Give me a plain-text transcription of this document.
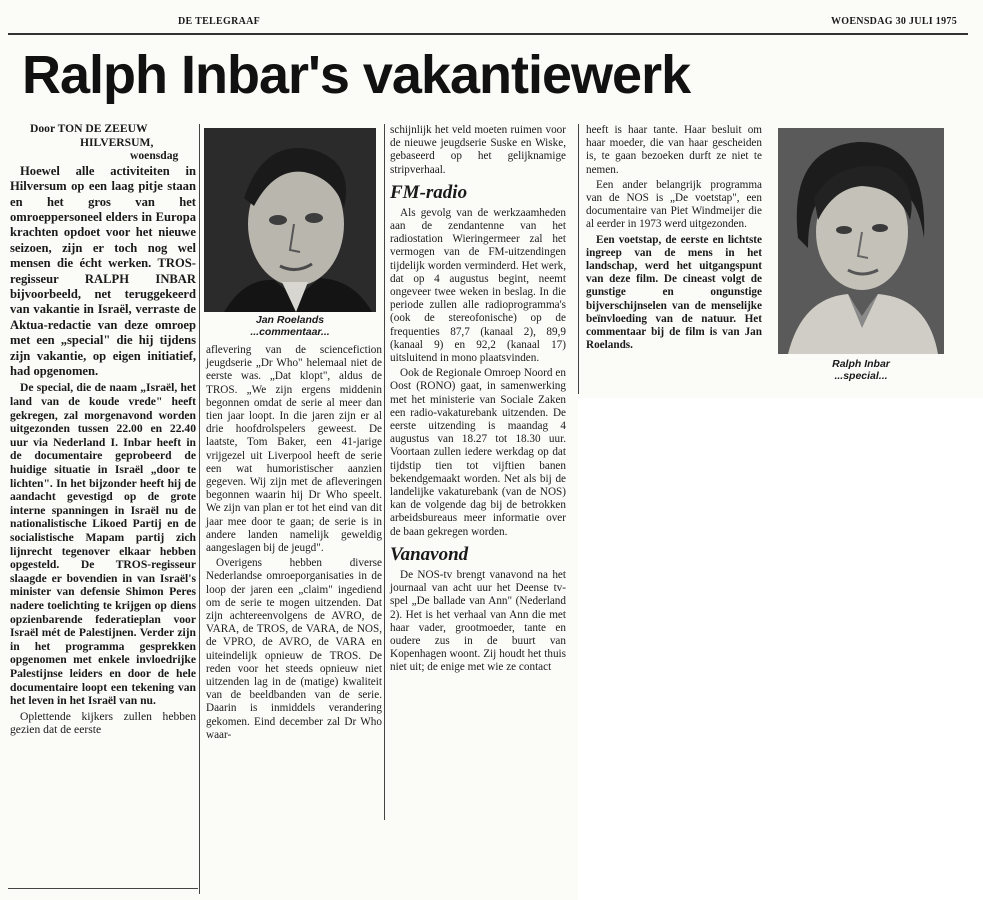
DE TELEGRAAF	WOENSDAG 30 JULI 1975
Ralph Inbar's vakantiewerk

Door TON DE ZEEUW
HILVERSUM,
woensdag

Hoewel alle activiteiten in Hilversum op een laag pitje staan en het gros van het omroeppersoneel elders in Europa krachten opdoet voor het nieuwe seizoen, zijn er toch nog wel mensen die écht werken. TROS-regisseur RALPH INBAR bijvoorbeeld, net teruggekeerd van vakantie in Israël, verraste de Aktua-redactie van deze omroep met een „special" die hij tijdens zijn vakantie, op eigen initiatief, had opgenomen.

De special, die de naam „Israël, het land van de koude vrede" heeft gekregen, zal morgenavond worden uitgezonden tussen 22.00 en 22.40 uur via Nederland I. Inbar heeft in de documentaire geprobeerd de huidige situatie in Israël „door te lichten". In het bijzonder heeft hij de aandacht gevestigd op de grote interne spanningen in Israël nu de nationalistische Likoed Partij en de socialistische Mapam partij zich lijnrecht tegenover elkaar hebben opgesteld. De TROS-regisseur slaagde er bovendien in van Israël's minister van defensie Shimon Peres nadere toelichting te krijgen op diens opzienbarende federatieplan voor Israël mét de Palestijnen. Verder zijn in het programma gesprekken opgenomen met enkele invloedrijke Palestijnse leiders en door de hele documentaire loopt een tekening van het leven in het Israël van nu.

Oplettende kijkers zullen hebben gezien dat de eerste

Jan Roelands
...commentaar...

aflevering van de sciencefiction jeugdserie „Dr Who" helemaal niet de eerste was. „Dat klopt", aldus de TROS. „We zijn ergens middenin begonnen omdat de serie al meer dan tien jaar loopt. In die jaren zijn er al drie hoofdrolspelers geweest. De laatste, Tom Baker, een 41-jarige vrijgezel uit Liverpool heeft de serie een wat humoristischer aanzien gegeven. Wij zijn met de afleveringen begonnen waarin hij Dr Who speelt. We zijn van plan er tot het eind van dit jaar mee door te gaan; de serie is in andere landen namelijk geweldig aangeslagen bij de jeugd".

Overigens hebben diverse Nederlandse omroeporganisaties in de loop der jaren een „claim" ingediend om de serie te mogen uitzenden. Dat zijn achtereenvolgens de AVRO, de VARA, de TROS, de VARA, de NOS, de VPRO, de AVRO, de VARA en uiteindelijk opnieuw de TROS. De reden voor het steeds opnieuw niet uitzenden lag in de (matige) kwaliteit van de beeldbanden van de serie. Daarin is inmiddels verandering gekomen. Eind december zal Dr Who waar-

schijnlijk het veld moeten ruimen voor de nieuwe jeugdserie Suske en Wiske, gebaseerd op het gelijknamige stripverhaal.

FM-radio

Als gevolg van de werkzaamheden aan de zendantenne van het radiostation Wieringermeer zal het vermogen van de FM-uitzendingen tijdelijk worden verminderd. Het werk, dat op 4 augustus begint, neemt ongeveer twee weken in beslag. In die periode zullen alle radioprogramma's (ook de stereofonische) op de frequenties 87,7 (kanaal 2), 89,9 (kanaal 9) en 92,2 (kanaal 17) uitsluitend in mono plaatsvinden.

Ook de Regionale Omroep Noord en Oost (RONO) gaat, in samenwerking met het ministerie van Sociale Zaken een radio-vakaturebank uitzenden. De eerste uitzending is maandag 4 augustus van 18.27 tot 18.30 uur. Voortaan zullen iedere werkdag op dat tijdstip tien tot vijftien banen bekendgemaakt worden. Net als bij de landelijke vakaturebank (van de NOS) kan de volgende dag bij de betrokken arbeidsbureaus meer informatie over de baan gekregen worden.

Vanavond

De NOS-tv brengt vanavond na het journaal van acht uur het Deense tv-spel „De ballade van Ann" (Nederland 2). Het is het verhaal van Ann die met haar vader, grootmoeder, tante en oudere zus in de buurt van Kopenhagen woont. Zij houdt het thuis niet uit; de enige met wie ze contact

heeft is haar tante. Haar besluit om haar moeder, die van haar gescheiden is, te gaan bezoeken durft ze niet te nemen.

Een ander belangrijk programma van de NOS is „De voetstap", een documentaire van Piet Windmeijer die al eerder in 1973 werd uitgezonden.

Een voetstap, de eerste en lichtste ingreep van de mens in het landschap, werd het uitgangspunt van deze film. De cineast volgt de gunstige en ongunstige bijverschijnselen van de menselijke beïnvloeding van de natuur. Het commentaar bij de film is van Jan Roelands.

Ralph Inbar
...special...
